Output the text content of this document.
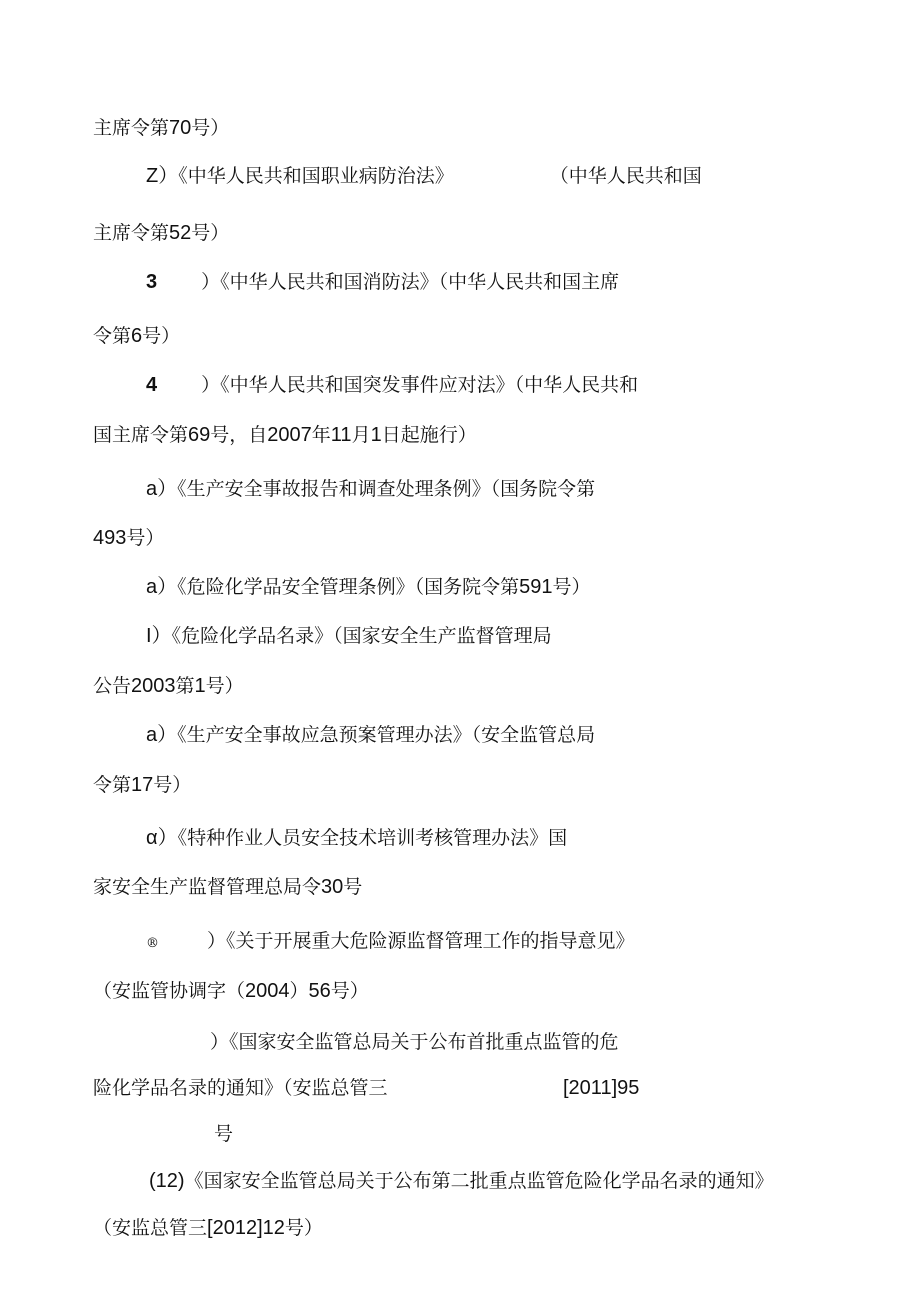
主席令第70号）
Z）《中华人民共和国职业病防治法》	（中华人民共和国
主席令第52号）
3 ）《中华人民共和国消防法》（中华人民共和国主席
令第6号）
4 ）《中华人民共和国突发事件应对法》（中华人民共和
国主席令第69号，自2007年11月1日起施行）
a）《生产安全事故报告和调查处理条例》（国务院令第
493号）
a）《危险化学品安全管理条例》（国务院令第591号）
I）《危险化学品名录》（国家安全生产监督管理局
公告2003第1号）
a）《生产安全事故应急预案管理办法》（安全监管总局
令第17号）
α）《特种作业人员安全技术培训考核管理办法》国
家安全生产监督管理总局令30号
®	）《关于开展重大危险源监督管理工作的指导意见》
（安监管协调字（2004）56号）
）《国家安全监管总局关于公布首批重点监管的危
险化学品名录的通知》（安监总管三	[2011]95
号
(12)《国家安全监管总局关于公布第二批重点监管危险化学品名录的通知》
（安监总管三[2012]12号）
